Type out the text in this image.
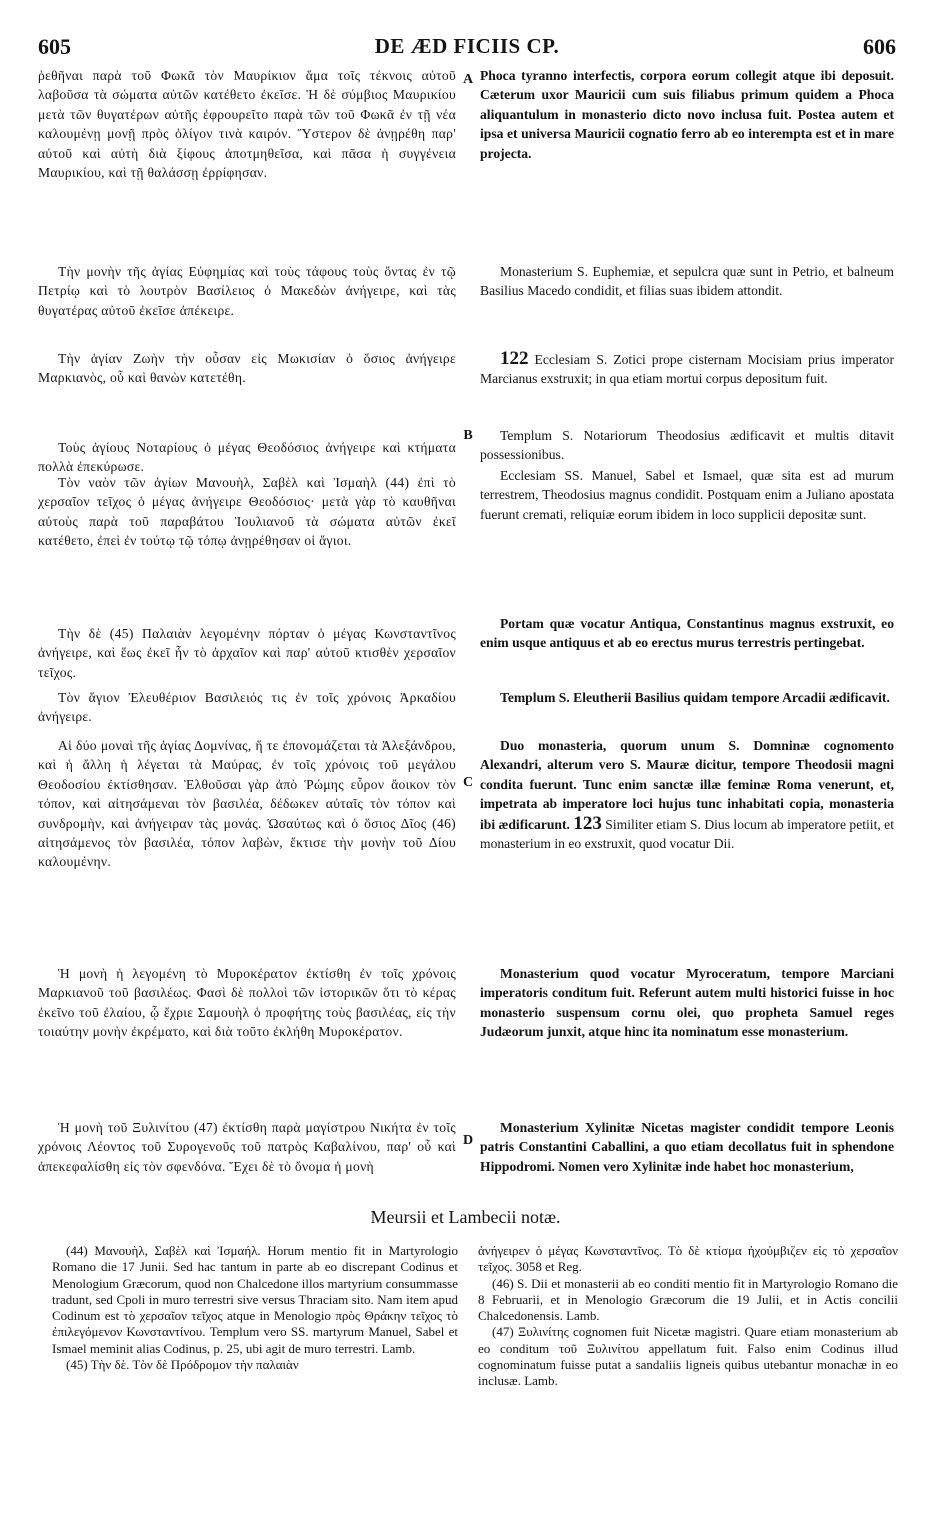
605	DE ÆD FICIIS CP.	606

ῥεθῆναι παρὰ τοῦ Φωκᾶ τὸν Μαυρίκιον ἅμα τοῖς τέκνοις αὐτοῦ λαβοῦσα τὰ σώματα αὐτῶν κατέθετο ἐκεῖσε. Ἡ δὲ σύμβιος Μαυρικίου μετὰ τῶν θυγατέρων αὐτῆς ἐφρουρεῖτο παρὰ τῶν τοῦ Φωκᾶ ἐν τῇ νέα καλουμένῃ μονῇ πρὸς ὀλίγον τινὰ καιρόν. Ὕστερον δὲ ἀνῃρέθη παρ' αὐτοῦ καὶ αὐτὴ διὰ ξίφους ἀποτμηθεῖσα, καὶ πᾶσα ἡ συγγένεια Μαυρικίου, καὶ τῇ θαλάσσῃ ἐρρίφησαν.

Τὴν μονὴν τῆς ἁγίας Εὐφημίας καὶ τοὺς τάφους τοὺς ὄντας ἐν τῷ Πετρίῳ καὶ τὸ λουτρὸν Βασίλειος ὁ Μακεδὼν ἀνήγειρε, καὶ τὰς θυγατέρας αὐτοῦ ἐκεῖσε ἀπέκειρε.

Τὴν ἁγίαν Ζωὴν τὴν οὖσαν εἰς Μωκισίαν ὁ ὅσιος ἀνήγειρε Μαρκιανὸς, οὗ καὶ θανὼν κατετέθη.

Τοὺς ἁγίους Νοταρίους ὁ μέγας Θεοδόσιος ἀνήγειρε καὶ κτήματα πολλὰ ἐπεκύρωσε.

Τὸν ναὸν τῶν ἁγίων Μανουὴλ, Σαβὲλ καὶ Ἰσμαὴλ (44) ἐπὶ τὸ χερσαῖον τεῖχος ὁ μέγας ἀνήγειρε Θεοδόσιος· μετὰ γὰρ τὸ καυθῆναι αὐτοὺς παρὰ τοῦ παραβάτου Ἰουλιανοῦ τὰ σώματα αὐτῶν ἐκεῖ κατέθετο, ἐπεὶ ἐν τούτῳ τῷ τόπῳ ἀνῃρέθησαν οἱ ἅγιοι.

Τὴν δὲ (45) Παλαιὰν λεγομένην πόρταν ὁ μέγας Κωνσταντῖνος ἀνήγειρε, καὶ ἕως ἐκεῖ ἦν τὸ ἀρχαῖον καὶ παρ' αὐτοῦ κτισθὲν χερσαῖον τεῖχος.

Τὸν ἅγιον Ἐλευθέριον Βασιλειός τις ἐν τοῖς χρόνοις Ἀρκαδίου ἀνήγειρε.

Αἱ δύο μοναὶ τῆς ἁγίας Δομνίνας, ἥ τε ἐπονομάζεται τὰ Ἀλεξάνδρου, καὶ ἡ ἄλλη ἡ λέγεται τὰ Μαύρας, ἐν τοῖς χρόνοις τοῦ μεγάλου Θεοδοσίου ἐκτίσθησαν. Ἐλθοῦσαι γὰρ ἀπὸ Ῥώμης εὗρον ἄοικον τὸν τόπον, καὶ αἰτησάμεναι τὸν βασιλέα, δέδωκεν αὐταῖς τὸν τόπον καὶ συνδρομὴν, καὶ ἀνήγειραν τὰς μονάς. Ὡσαύτως καὶ ὁ ὅσιος Δῖος (46) αἰτησάμενος τὸν βασιλέα, τόπον λαβὼν, ἔκτισε τὴν μονὴν τοῦ Δίου καλουμένην.

Ἡ μονὴ ἡ λεγομένη τὸ Μυροκέρατον ἐκτίσθη ἐν τοῖς χρόνοις Μαρκιανοῦ τοῦ βασιλέως. Φασὶ δὲ πολλοὶ τῶν ἱστορικῶν ὅτι τὸ κέρας ἐκεῖνο τοῦ ἐλαίου, ᾧ ἔχριε Σαμουὴλ ὁ προφήτης τοὺς βασιλέας, εἰς τὴν τοιαύτην μονὴν ἐκρέματο, καὶ διὰ τοῦτο ἐκλήθη Μυροκέρατον.

Ἡ μονὴ τοῦ Ξυλινίτου (47) ἐκτίσθη παρὰ μαγίστρου Νικήτα ἐν τοῖς χρόνοις Λέοντος τοῦ Συρογενοῦς τοῦ πατρὸς Καβαλίνου, παρ' οὗ καὶ ἀπεκεφαλίσθη εἰς τὸν σφενδόνα. Ἔχει δὲ τὸ ὄνομα ἡ μονὴ

A
B
C
D

Phoca tyranno interfectis, corpora eorum collegit atque ibi deposuit. Cæterum uxor Mauricii cum suis filiabus primum quidem a Phoca aliquantulum in monasterio dicto novo inclusa fuit. Postea autem et ipsa et universa Mauricii cognatio ferro ab eo interempta est et in mare projecta.

Monasterium S. Euphemiæ, et sepulcra quæ sunt in Petrio, et balneum Basilius Macedo condidit, et filias suas ibidem attondit.

122 Ecclesiam S. Zotici prope cisternam Mocisiam prius imperator Marcianus exstruxit; in qua etiam mortui corpus depositum fuit.

Templum S. Notariorum Theodosius ædificavit et multis ditavit possessionibus.

Ecclesiam SS. Manuel, Sabel et Ismael, quæ sita est ad murum terrestrem, Theodosius magnus condidit. Postquam enim a Juliano apostata fuerunt cremati, reliquiæ eorum ibidem in loco supplicii depositæ sunt.

Portam quæ vocatur Antiqua, Constantinus magnus exstruxit, eo enim usque antiquus et ab eo erectus murus terrestris pertingebat.

Templum S. Eleutherii Basilius quidam tempore Arcadii ædificavit.

Duo monasteria, quorum unum S. Domninæ cognomento Alexandri, alterum vero S. Mauræ dicitur, tempore Theodosii magni condita fuerunt. Tunc enim sanctæ illæ feminæ Roma venerunt, et, impetrata ab imperatore loci hujus tunc inhabitati copia, monasteria ibi ædificarunt. 123 Similiter etiam S. Dius locum ab imperatore petiit, et monasterium in eo exstruxit, quod vocatur Dii.

Monasterium quod vocatur Myroceratum, tempore Marciani imperatoris conditum fuit. Referunt autem multi historici fuisse in hoc monasterio suspensum cornu olei, quo propheta Samuel reges Judæorum junxit, atque hinc ita nominatum esse monasterium.

Monasterium Xylinitæ Nicetas magister condidit tempore Leonis patris Constantini Caballini, a quo etiam decollatus fuit in sphendone Hippodromi. Nomen vero Xylinitæ inde habet hoc monasterium,

Meursii et Lambecii notæ.

(44) Μανουὴλ, Σαβὲλ καὶ Ἰσμαήλ. Horum mentio fit in Martyrologio Romano die 17 Junii. Sed hac tantum in parte ab eo discrepant Codinus et Menologium Græcorum, quod non Chalcedone illos martyrium consummasse tradunt, sed Cpoli in muro terrestri sive versus Thraciam sito. Nam item apud Codinum est τὸ χερσαῖον τεῖχος atque in Menologio πρὸς Θράκην τεῖχος τὸ ἐπιλεγόμενον Κωνσταντίνου. Templum vero SS. martyrum Manuel, Sabel et Ismael meminit alias Codinus, p. 25, ubi agit de muro terrestri. Lamb.

(45) Τὴν δὲ. Τὸν δὲ Πρόδρομον τὴν παλαιὰν

ἀνήγειρεν ὁ μέγας Κωνσταντῖνος. Τὸ δὲ κτίσμα ἠχοὐμβιζεν εἰς τὸ χερσαῖον τεῖχος. 3058 et Reg.

(46) S. Dii et monasterii ab eo conditi mentio fit in Martyrologio Romano die 8 Februarii, et in Menologio Græcorum die 19 Julii, et in Actis concilii Chalcedonensis. Lamb.

(47) Ξυλινίτης cognomen fuit Nicetæ magistri. Quare etiam monasterium ab eo conditum τοῦ Ξυλινίτου appellatum fuit. Falso enim Codinus illud cognominatum fuisse putat a sandaliis ligneis quibus utebantur monachæ in eo inclusæ. Lamb.
